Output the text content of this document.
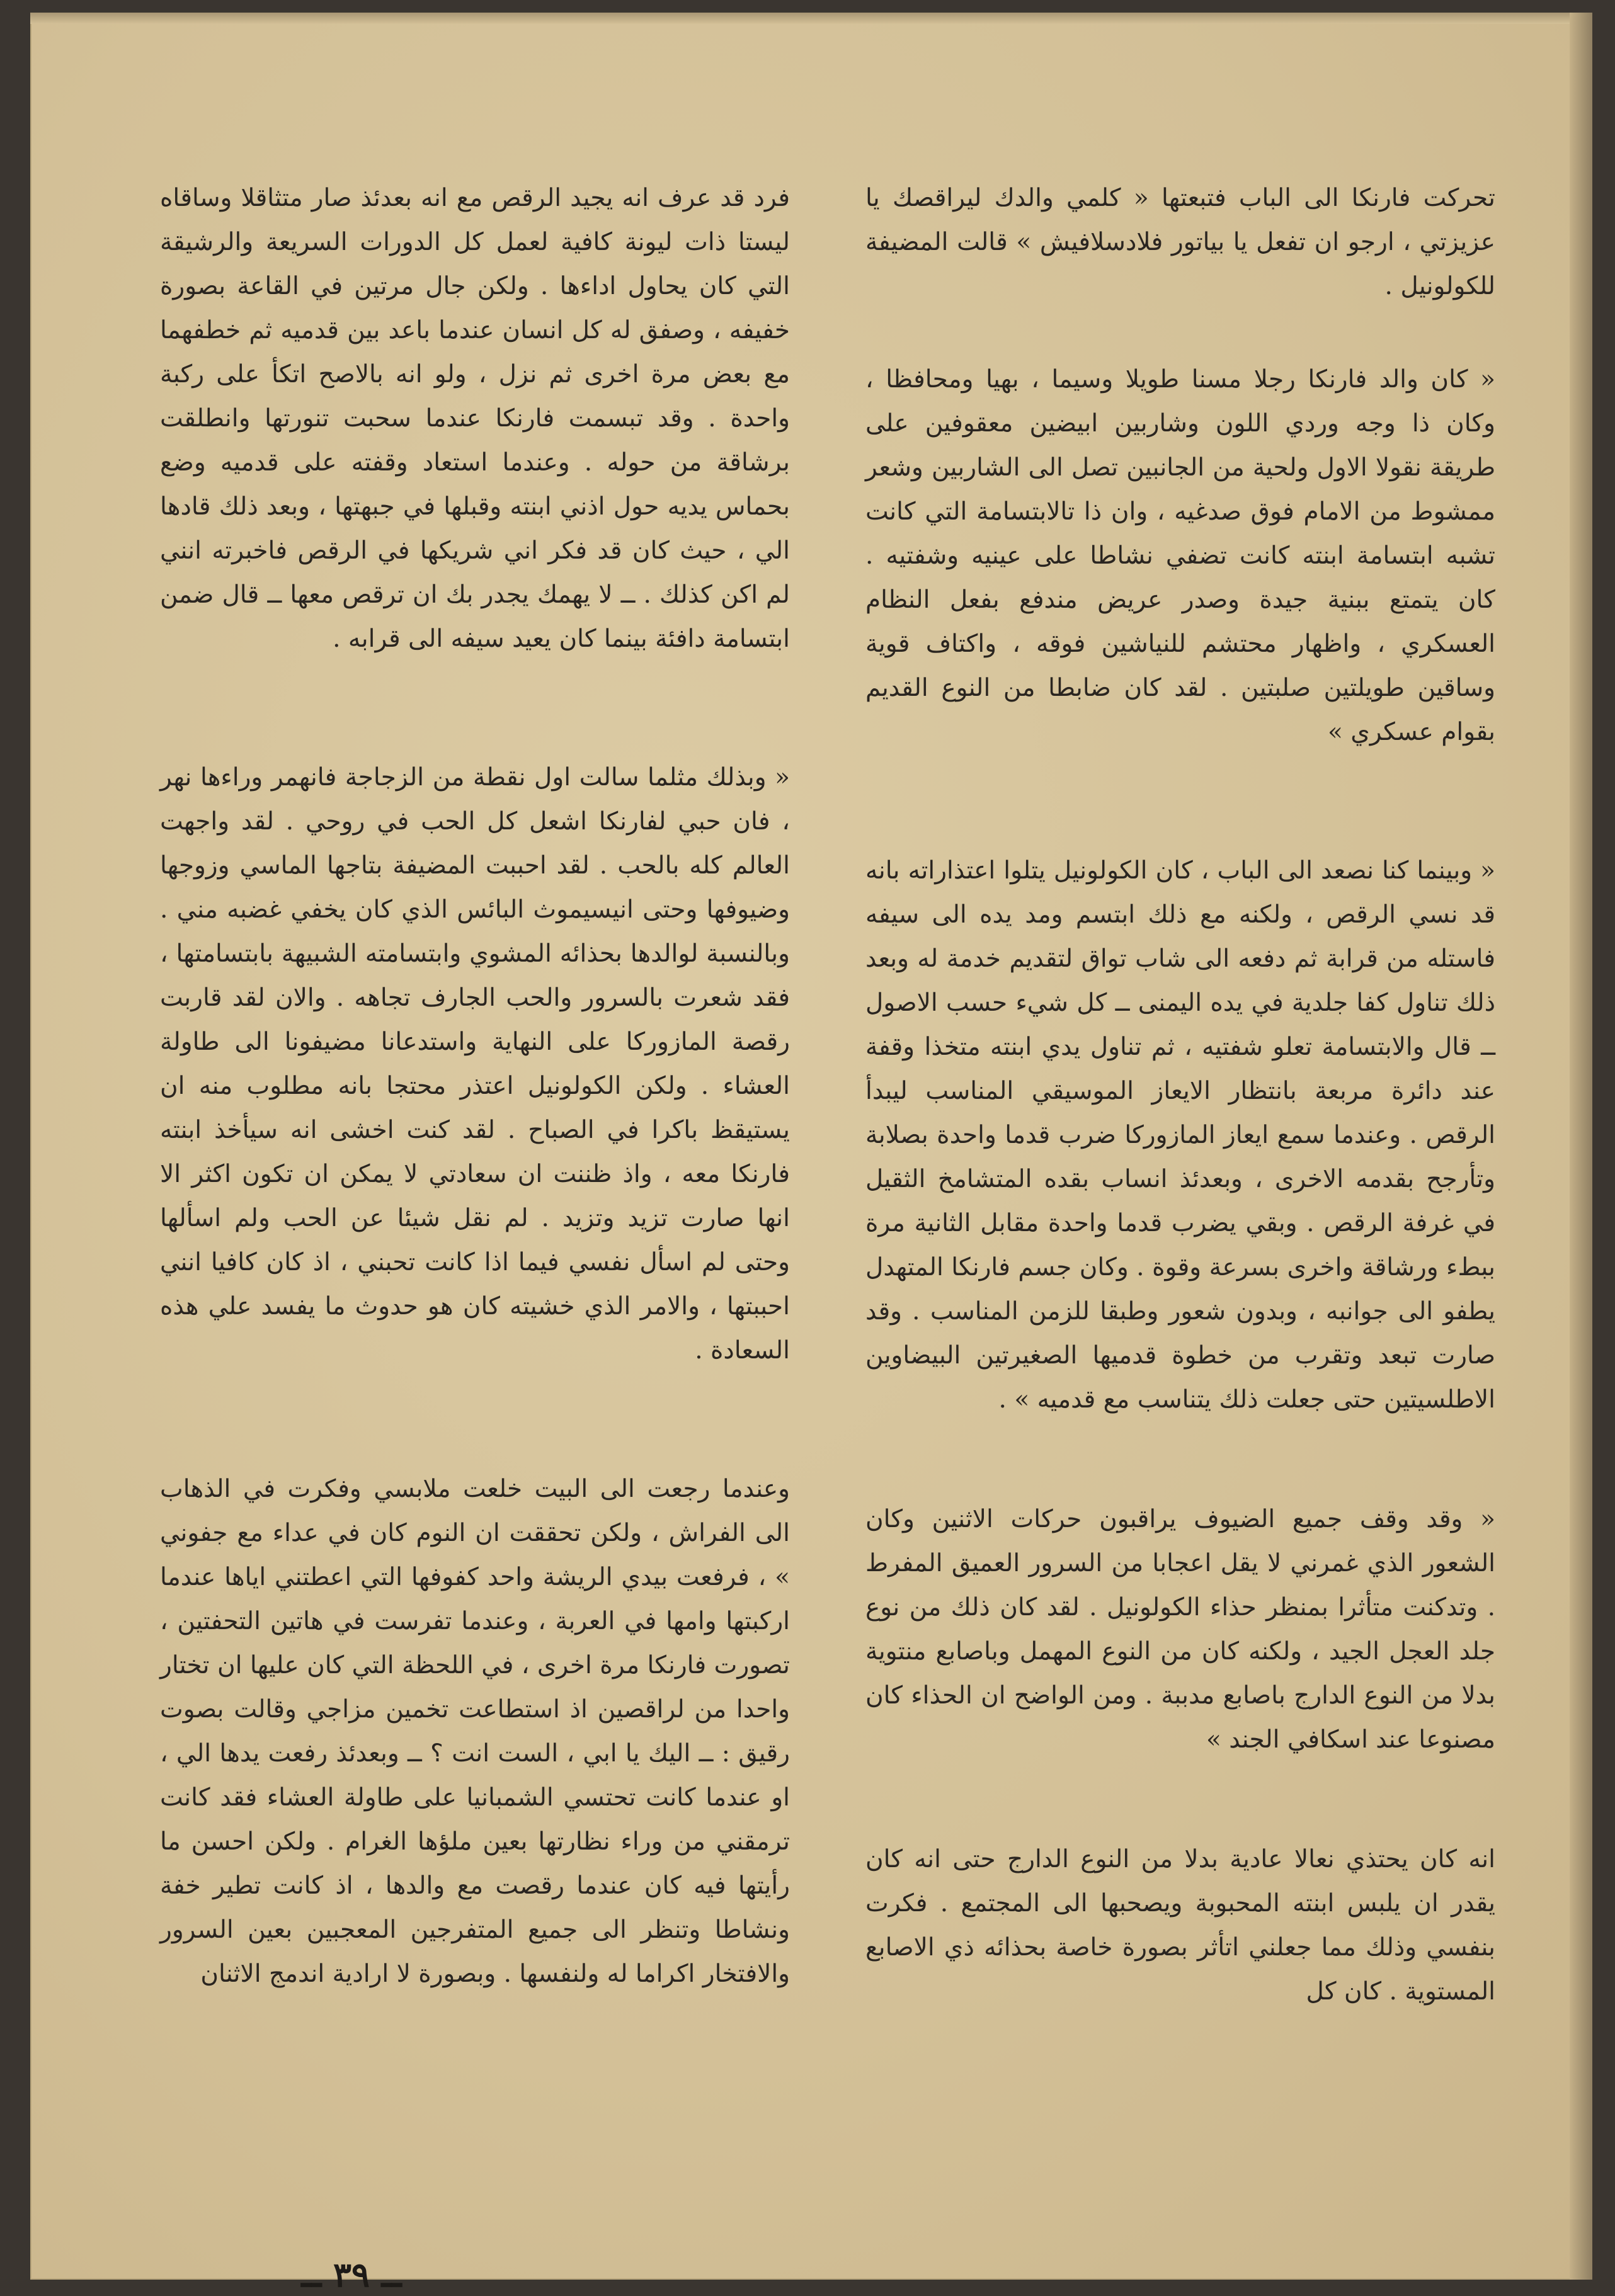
تحركت فارنكا الى الباب فتبعتها « كلمي والدك ليراقصك يا عزيزتي ، ارجو ان تفعل يا بياتور فلادسلافيش » قالت المضيفة للكولونيل .

« كان والد فارنكا رجلا مسنا طويلا وسيما ، بهيا ومحافظا ، وكان ذا وجه وردي اللون وشاربين ابيضين معقوفين على طريقة نقولا الاول ولحية من الجانبين تصل الى الشاربين وشعر ممشوط من الامام فوق صدغيه ، وان ذا تالابتسامة التي كانت تشبه ابتسامة ابنته كانت تضفي نشاطا على عينيه وشفتيه . كان يتمتع ببنية جيدة وصدر عريض مندفع بفعل النظام العسكري ، واظهار محتشم للنياشين فوقه ، واكتاف قوية وساقين طويلتين صلبتين . لقد كان ضابطا من النوع القديم بقوام عسكري »

« وبينما كنا نصعد الى الباب ، كان الكولونيل يتلوا اعتذاراته بانه قد نسي الرقص ، ولكنه مع ذلك ابتسم ومد يده الى سيفه فاستله من قرابة ثم دفعه الى شاب تواق لتقديم خدمة له وبعد ذلك تناول كفا جلدية في يده اليمنى ــ كل شيء حسب الاصول ــ قال والابتسامة تعلو شفتيه ، ثم تناول يدي ابنته متخذا وقفة عند دائرة مربعة بانتظار الايعاز الموسيقي المناسب ليبدأ الرقص . وعندما سمع ايعاز المازوركا ضرب قدما واحدة بصلابة وتأرجح بقدمه الاخرى ، وبعدئذ انساب بقده المتشامخ الثقيل في غرفة الرقص . وبقي يضرب قدما واحدة مقابل الثانية مرة ببطء ورشاقة واخرى بسرعة وقوة . وكان جسم فارنكا المتهدل يطفو الى جوانبه ، وبدون شعور وطبقا للزمن المناسب . وقد صارت تبعد وتقرب من خطوة قدميها الصغيرتين البيضاوين الاطلسيتين حتى جعلت ذلك يتناسب مع قدميه » .

« وقد وقف جميع الضيوف يراقبون حركات الاثنين وكان الشعور الذي غمرني لا يقل اعجابا من السرور العميق المفرط . وتدكنت متأثرا بمنظر حذاء الكولونيل . لقد كان ذلك من نوع جلد العجل الجيد ، ولكنه كان من النوع المهمل وباصابع منتوية بدلا من النوع الدارج باصابع مدببة . ومن الواضح ان الحذاء كان مصنوعا عند اسكافي الجند »

انه كان يحتذي نعالا عادية بدلا من النوع الدارج حتى انه كان يقدر ان يلبس ابنته المحبوبة ويصحبها الى المجتمع . فكرت بنفسي وذلك مما جعلني اتأثر بصورة خاصة بحذائه ذي الاصابع المستوية . كان كل

فرد قد عرف انه يجيد الرقص مع انه بعدئذ صار متثاقلا وساقاه ليستا ذات ليونة كافية لعمل كل الدورات السريعة والرشيقة التي كان يحاول اداءها . ولكن جال مرتين في القاعة بصورة خفيفه ، وصفق له كل انسان عندما باعد بين قدميه ثم خطفهما مع بعض مرة اخرى ثم نزل ، ولو انه بالاصح اتكأ على ركبة واحدة . وقد تبسمت فارنكا عندما سحبت تنورتها وانطلقت برشاقة من حوله . وعندما استعاد وقفته على قدميه وضع بحماس يديه حول اذني ابنته وقبلها في جبهتها ، وبعد ذلك قادها الي ، حيث كان قد فكر اني شريكها في الرقص فاخبرته انني لم اكن كذلك . ــ لا يهمك يجدر بك ان ترقص معها ــ قال ضمن ابتسامة دافئة بينما كان يعيد سيفه الى قرابه .

« وبذلك مثلما سالت اول نقطة من الزجاجة فانهمر وراءها نهر ، فان حبي لفارنكا اشعل كل الحب في روحي . لقد واجهت العالم كله بالحب . لقد احببت المضيفة بتاجها الماسي وزوجها وضيوفها وحتى انيسيموث البائس الذي كان يخفي غضبه مني . وبالنسبة لوالدها بحذائه المشوي وابتسامته الشبيهة بابتسامتها ، فقد شعرت بالسرور والحب الجارف تجاهه . والان لقد قاربت رقصة المازوركا على النهاية واستدعانا مضيفونا الى طاولة العشاء . ولكن الكولونيل اعتذر محتجا بانه مطلوب منه ان يستيقظ باكرا في الصباح . لقد كنت اخشى انه سيأخذ ابنته فارنكا معه ، واذ ظننت ان سعادتي لا يمكن ان تكون اكثر الا انها صارت تزيد وتزيد . لم نقل شيئا عن الحب ولم اسألها وحتى لم اسأل نفسي فيما اذا كانت تحبني ، اذ كان كافيا انني احببتها ، والامر الذي خشيته كان هو حدوث ما يفسد علي هذه السعادة .

وعندما رجعت الى البيت خلعت ملابسي وفكرت في الذهاب الى الفراش ، ولكن تحققت ان النوم كان في عداء مع جفوني » ، فرفعت بيدي الريشة واحد كفوفها التي اعطتني اياها عندما اركبتها وامها في العربة ، وعندما تفرست في هاتين التحفتين ، تصورت فارنكا مرة اخرى ، في اللحظة التي كان عليها ان تختار واحدا من لراقصين اذ استطاعت تخمين مزاجي وقالت بصوت رقيق : ــ اليك يا ابي ، الست انت ؟ ــ وبعدئذ رفعت يدها الي ، او عندما كانت تحتسي الشمبانيا على طاولة العشاء فقد كانت ترمقني من وراء نظارتها بعين ملؤها الغرام . ولكن احسن ما رأيتها فيه كان عندما رقصت مع والدها ، اذ كانت تطير خفة ونشاطا وتنظر الى جميع المتفرجين المعجبين بعين السرور والافتخار اكراما له ولنفسها . وبصورة لا ارادية اندمج الاثنان

ــ ٣٩ ــ
